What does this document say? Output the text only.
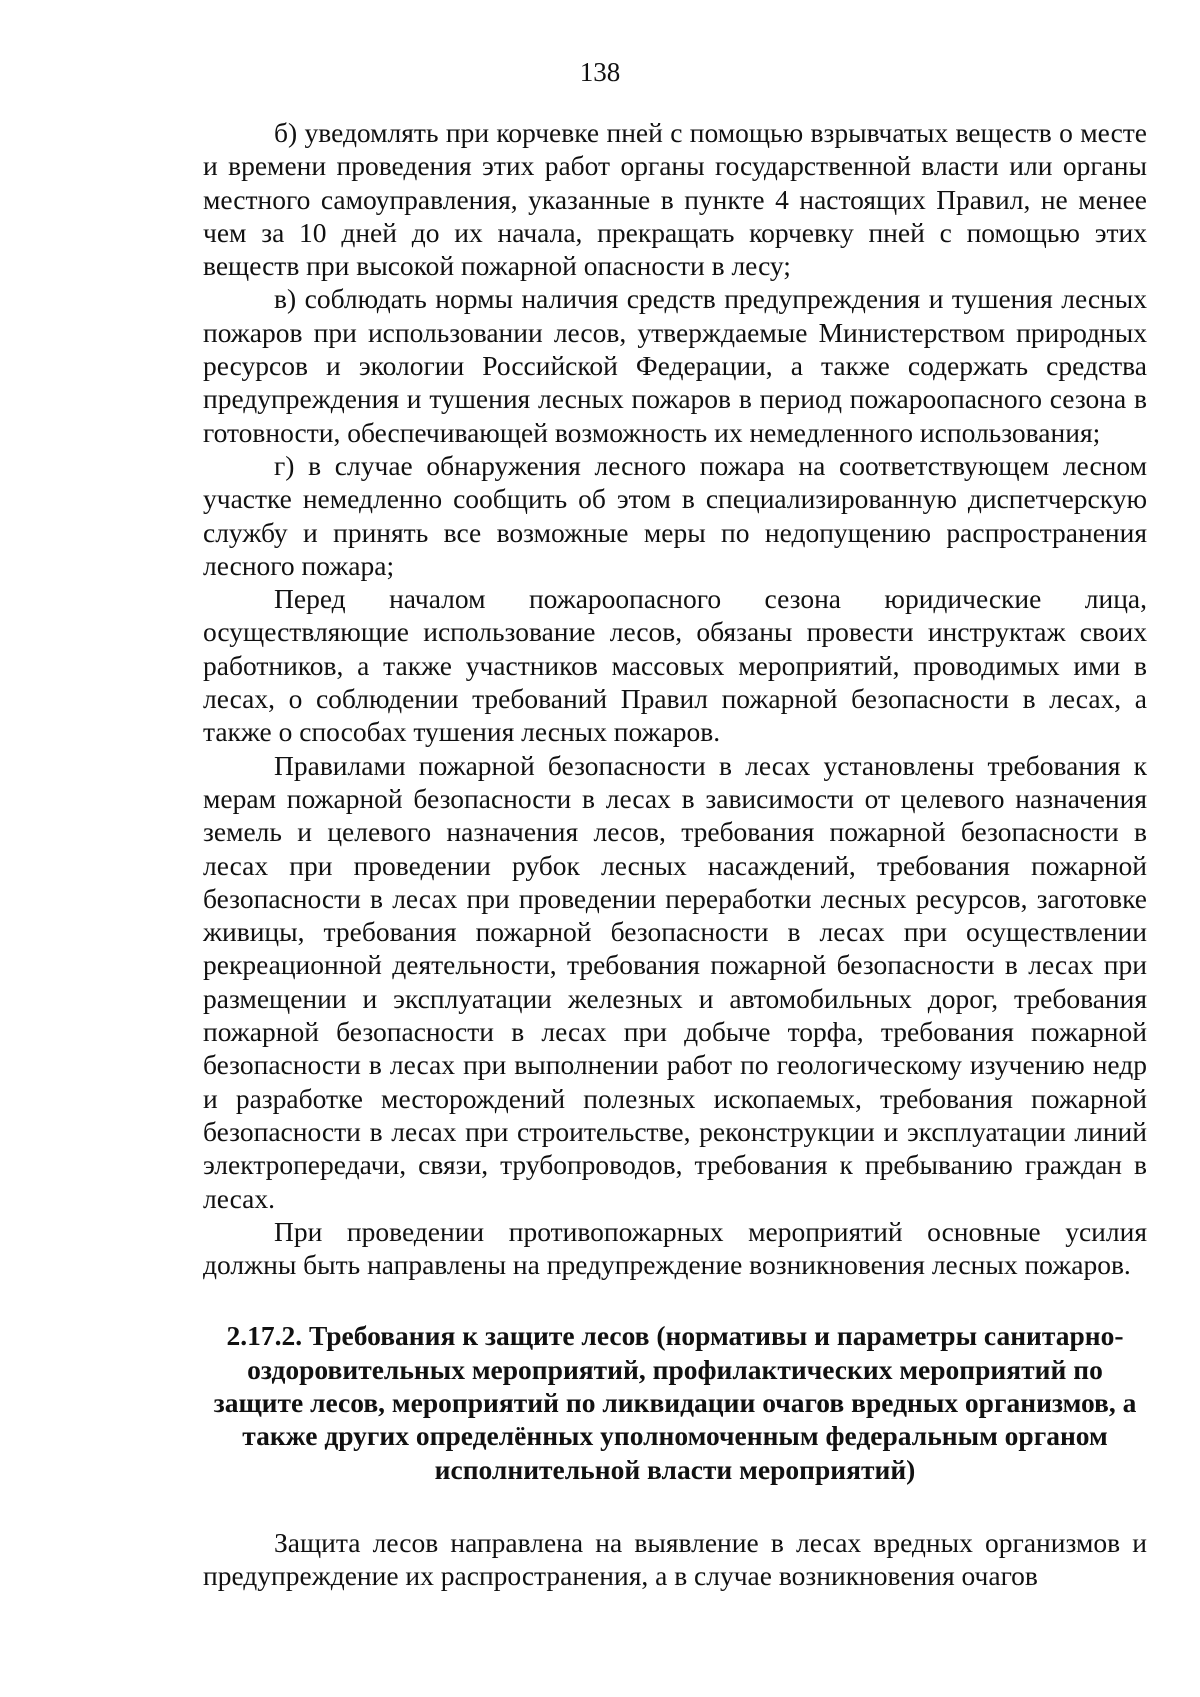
138

б) уведомлять при корчевке пней с помощью взрывчатых веществ о месте и времени проведения этих работ органы государственной власти или органы местного самоуправления, указанные в пункте 4 настоящих Правил, не менее чем за 10 дней до их начала, прекращать корчевку пней с помощью этих веществ при высокой пожарной опасности в лесу;

в) соблюдать нормы наличия средств предупреждения и тушения лесных пожаров при использовании лесов, утверждаемые Министерством природных ресурсов и экологии Российской Федерации, а также содержать средства предупреждения и тушения лесных пожаров в период пожароопасного сезона в готовности, обеспечивающей возможность их немедленного использования;

г) в случае обнаружения лесного пожара на соответствующем лесном участке немедленно сообщить об этом в специализированную диспетчерскую службу и принять все возможные меры по недопущению распространения лесного пожара;

Перед началом пожароопасного сезона юридические лица, осуществляющие использование лесов, обязаны провести инструктаж своих работников, а также участников массовых мероприятий, проводимых ими в лесах, о соблюдении требований Правил пожарной безопасности в лесах, а также о способах тушения лесных пожаров.

Правилами пожарной безопасности в лесах установлены требования к мерам пожарной безопасности в лесах в зависимости от целевого назначения земель и целевого назначения лесов, требования пожарной безопасности в лесах при проведении рубок лесных насаждений, требования пожарной безопасности в лесах при проведении переработки лесных ресурсов, заготовке живицы, требования пожарной безопасности в лесах при осуществлении рекреационной деятельности, требования пожарной безопасности в лесах при размещении и эксплуатации железных и автомобильных дорог, требования пожарной безопасности в лесах при добыче торфа, требования пожарной безопасности в лесах при выполнении работ по геологическому изучению недр и разработке месторождений полезных ископаемых, требования пожарной безопасности в лесах при строительстве, реконструкции и эксплуатации линий электропередачи, связи, трубопроводов, требования к пребыванию граждан в лесах.

При проведении противопожарных мероприятий основные усилия должны быть направлены на предупреждение возникновения лесных пожаров.

2.17.2. Требования к защите лесов (нормативы и параметры санитарно-оздоровительных мероприятий, профилактических мероприятий по защите лесов, мероприятий по ликвидации очагов вредных организмов, а также других определённых уполномоченным федеральным органом исполнительной власти мероприятий)

Защита лесов направлена на выявление в лесах вредных организмов и предупреждение их распространения, а в случае возникновения очагов
